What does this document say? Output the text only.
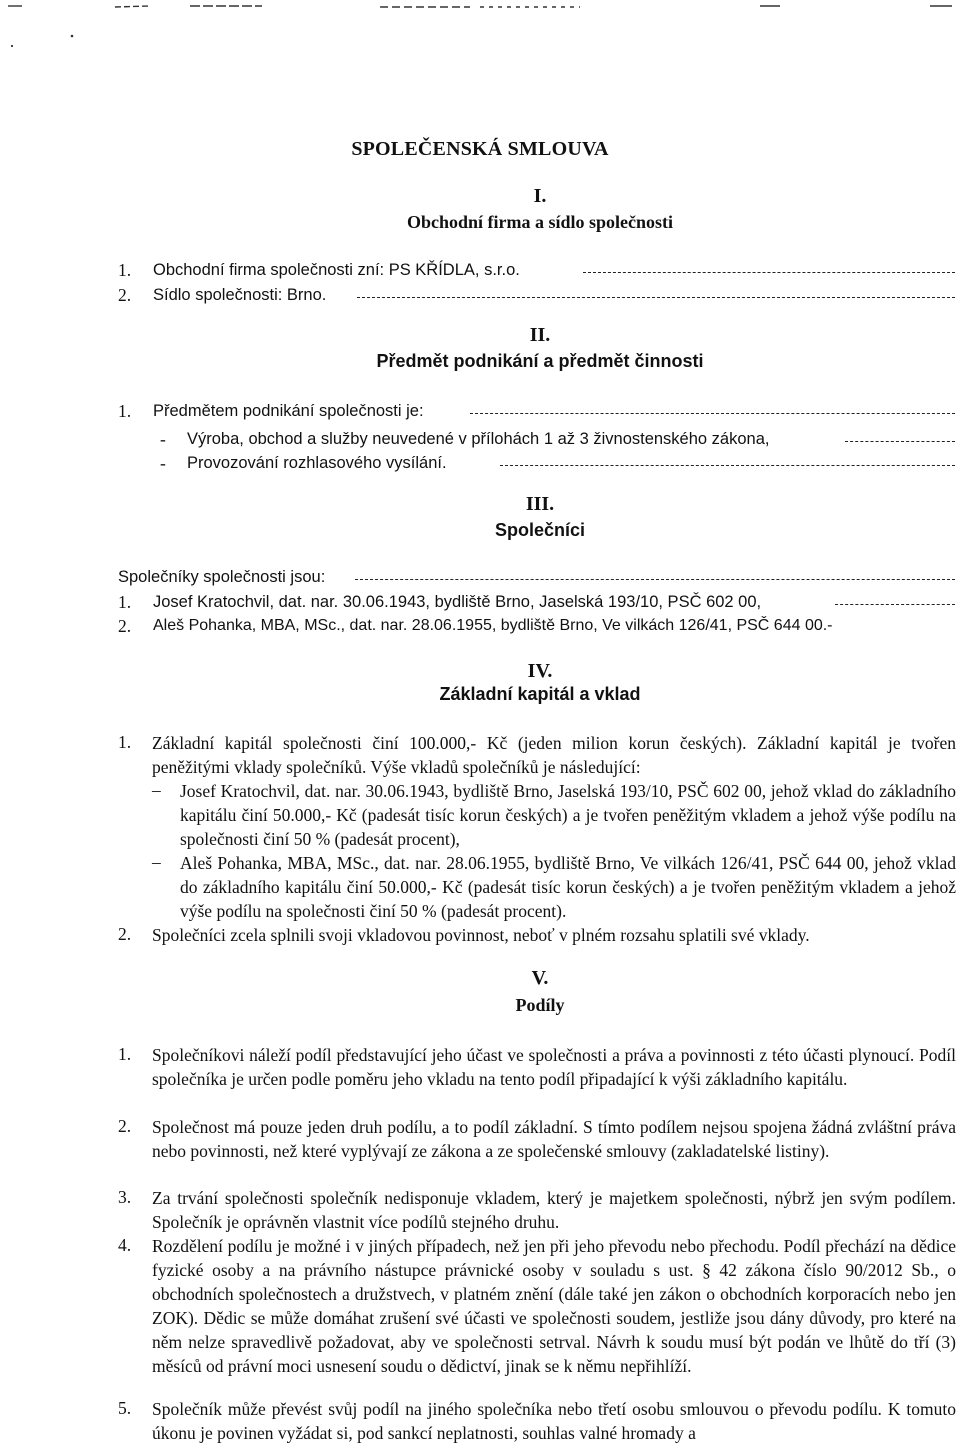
SPOLEČENSKÁ SMLOUVA
I.
Obchodní firma a sídlo společnosti
1. Obchodní firma společnosti zní: PS KŘÍDLA, s.r.o.
2. Sídlo společnosti: Brno.
II.
Předmět podnikání a předmět činnosti
1. Předmětem podnikání společnosti je:
- Výroba, obchod a služby neuvedené v přílohách 1 až 3 živnostenského zákona,
- Provozování rozhlasového vysílání.
III.
Společníci
Společníky společnosti jsou:
1. Josef Kratochvil, dat. nar. 30.06.1943, bydliště Brno, Jaselská 193/10, PSČ 602 00,
2. Aleš Pohanka, MBA, MSc., dat. nar. 28.06.1955, bydliště Brno, Ve vilkách 126/41, PSČ 644 00.-
IV.
Základní kapitál a vklad
1. Základní kapitál společnosti činí 100.000,- Kč (jeden milion korun českých). Základní kapitál je tvořen peněžitými vklady společníků. Výše vkladů společníků je následující:
– Josef Kratochvil, dat. nar. 30.06.1943, bydliště Brno, Jaselská 193/10, PSČ 602 00, jehož vklad do základního kapitálu činí 50.000,- Kč (padesát tisíc korun českých) a je tvořen peněžitým vkladem a jehož výše podílu na společnosti činí 50 % (padesát procent),
– Aleš Pohanka, MBA, MSc., dat. nar. 28.06.1955, bydliště Brno, Ve vilkách 126/41, PSČ 644 00, jehož vklad do základního kapitálu činí 50.000,- Kč (padesát tisíc korun českých) a je tvořen peněžitým vkladem a jehož výše podílu na společnosti činí 50 % (padesát procent).
2. Společníci zcela splnili svoji vkladovou povinnost, neboť v plném rozsahu splatili své vklady.
V.
Podíly
1. Společníkovi náleží podíl představující jeho účast ve společnosti a práva a povinnosti z této účasti plynoucí. Podíl společníka je určen podle poměru jeho vkladu na tento podíl připadající k výši základního kapitálu.
2. Společnost má pouze jeden druh podílu, a to podíl základní. S tímto podílem nejsou spojena žádná zvláštní práva nebo povinnosti, než které vyplývají ze zákona a ze společenské smlouvy (zakladatelské listiny).
3. Za trvání společnosti společník nedisponuje vkladem, který je majetkem společnosti, nýbrž jen svým podílem. Společník je oprávněn vlastnit více podílů stejného druhu.
4. Rozdělení podílu je možné i v jiných případech, než jen při jeho převodu nebo přechodu. Podíl přechází na dědice fyzické osoby a na právního nástupce právnické osoby v souladu s ust. § 42 zákona číslo 90/2012 Sb., o obchodních společnostech a družstvech, v platném znění (dále také jen zákon o obchodních korporacích nebo jen ZOK). Dědic se může domáhat zrušení své účasti ve společnosti soudem, jestliže jsou dány důvody, pro které na něm nelze spravedlivě požadovat, aby ve společnosti setrval. Návrh k soudu musí být podán ve lhůtě do tří (3) měsíců od právní moci usnesení soudu o dědictví, jinak se k němu nepřihlíží.
5. Společník může převést svůj podíl na jiného společníka nebo třetí osobu smlouvou o převodu podílu. K tomuto úkonu je povinen vyžádat si, pod sankcí neplatnosti, souhlas valné hromady a
